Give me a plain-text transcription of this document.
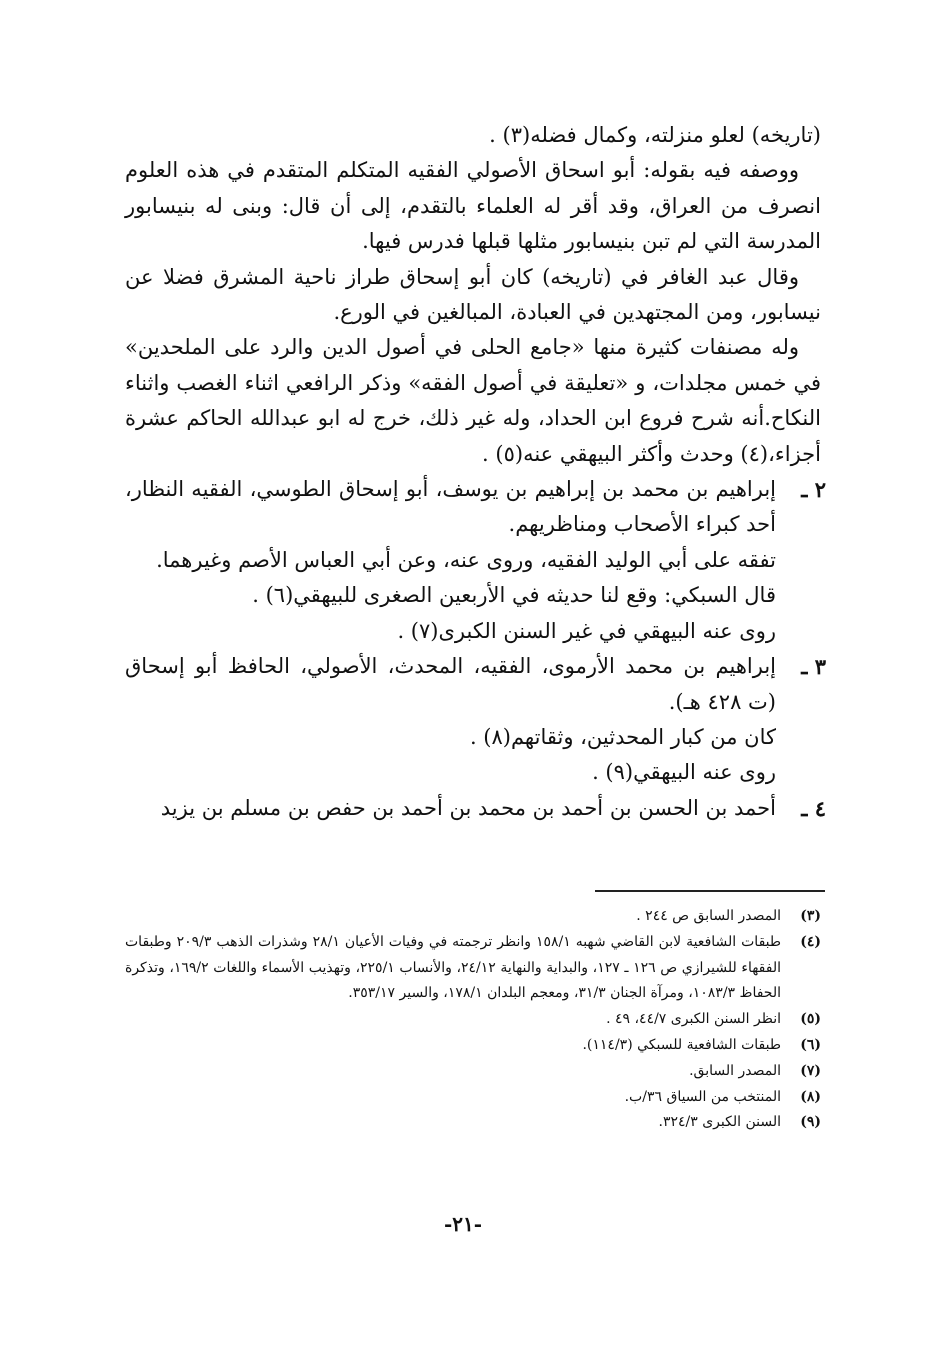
(تاريخه) لعلو منزلته، وكمال فضله(٣) .

ووصفه فيه بقوله: أبو اسحاق الأصولي الفقيه المتكلم المتقدم في هذه العلوم انصرف من العراق، وقد أقر له العلماء بالتقدم، إلى أن قال: وبنى له بنيسابور المدرسة التي لم تبن بنيسابور مثلها قبلها فدرس فيها.

وقال عبد الغافر في (تاريخه) كان أبو إسحاق طراز ناحية المشرق فضلا عن نيسابور، ومن المجتهدين في العبادة، المبالغين في الورع.

وله مصنفات كثيرة منها «جامع الحلى في أصول الدين والرد على الملحدين» في خمس مجلدات، و «تعليقة في أصول الفقه» وذكر الرافعي اثناء الغصب واثناء النكاح.أنه شرح فروع ابن الحداد، وله غير ذلك، خرج له ابو عبدالله الحاكم عشرة أجزاء،(٤) وحدث وأكثر البيهقي عنه(٥) .

٢ ـ

إبراهيم بن محمد بن إبراهيم بن يوسف، أبو إسحاق الطوسي، الفقيه النظار، أحد كبراء الأصحاب ومناظريهم.

تفقه على أبي الوليد الفقيه، وروى عنه، وعن أبي العباس الأصم وغيرهما.

قال السبكي: وقع لنا حديثه في الأربعين الصغرى للبيهقي(٦) .

روى عنه البيهقي في غير السنن الكبرى(٧) .

٣ ـ

إبراهيم بن محمد الأرموى، الفقيه، المحدث، الأصولي، الحافظ أبو إسحاق (ت ٤٢٨ هـ).

كان من كبار المحدثين، وثقاتهم(٨) .

روى عنه البيهقي(٩) .

٤ ـ

أحمد بن الحسن بن أحمد بن محمد بن أحمد بن حفص بن مسلم بن يزيد

(٣)
المصدر السابق ص ٢٤٤ .
(٤)
طبقات الشافعية لابن القاضي شهبه ١٥٨/١ وانظر ترجمته في وفيات الأعيان ٢٨/١ وشذرات الذهب ٢٠٩/٣ وطبقات الفقهاء للشيرازي ص ١٢٦ ـ ١٢٧، والبداية والنهاية ٢٤/١٢، والأنساب ٢٢٥/١، وتهذيب الأسماء واللغات ١٦٩/٢، وتذكرة الحفاظ ١٠٨٣/٣، ومرآة الجنان ٣١/٣، ومعجم البلدان ١٧٨/١، والسير ٣٥٣/١٧.
(٥)
انظر السنن الكبرى ٤٤/٧، ٤٩ .
(٦)
طبقات الشافعية للسبكي (١١٤/٣).
(٧)
المصدر السابق.
(٨)
المنتخب من السياق ٣٦/ب.
(٩)
السنن الكبرى ٣٢٤/٣.
-٢١-
